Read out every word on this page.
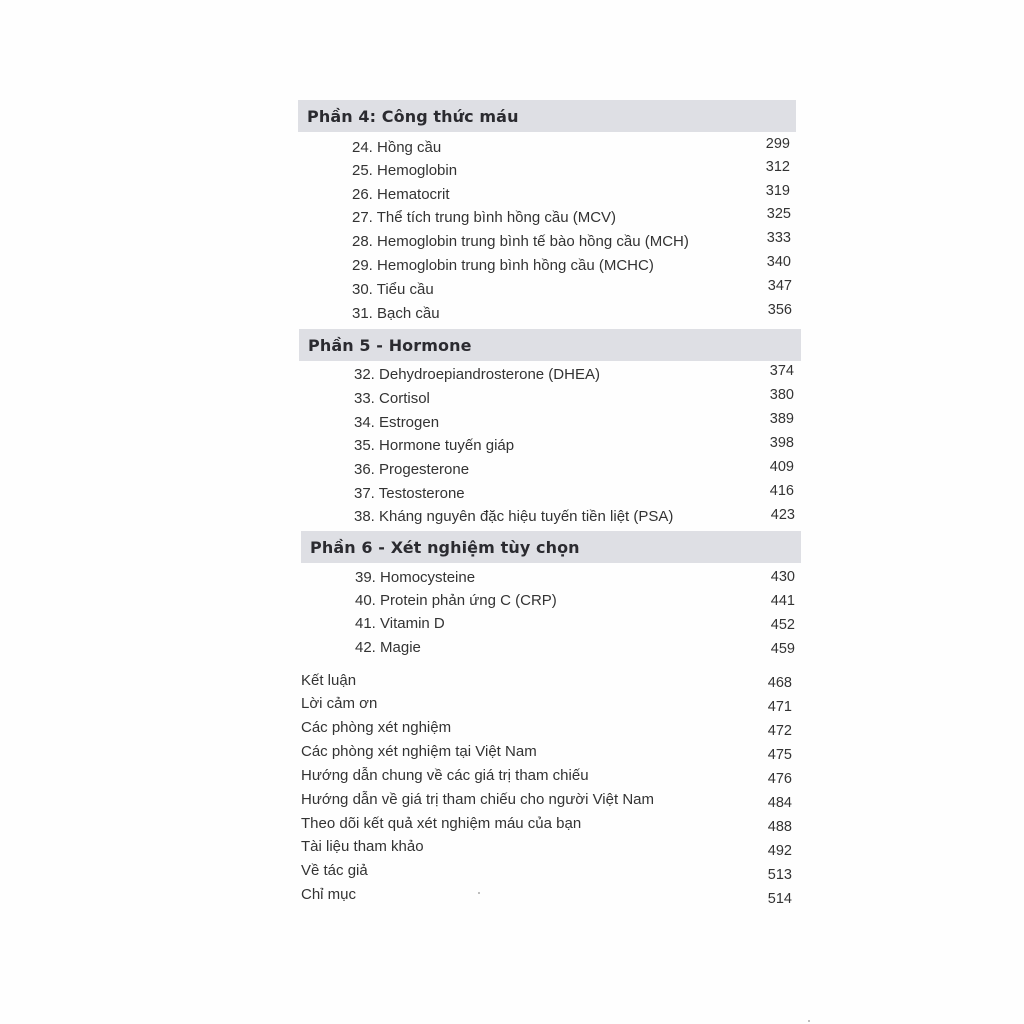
Phần 4: Công thức máu
24. Hồng cầu	299
25. Hemoglobin	312
26. Hematocrit	319
27. Thể tích trung bình hồng cầu (MCV)	325
28. Hemoglobin trung bình tế bào hồng cầu (MCH)	333
29. Hemoglobin trung bình hồng cầu (MCHC)	340
30. Tiểu cầu	347
31. Bạch cầu	356
Phần 5 - Hormone
32. Dehydroepiandrosterone (DHEA)	374
33. Cortisol	380
34. Estrogen	389
35. Hormone tuyến giáp	398
36. Progesterone	409
37. Testosterone	416
38. Kháng nguyên đặc hiệu tuyến tiền liệt (PSA)	423
Phần 6 - Xét nghiệm tùy chọn
39. Homocysteine	430
40. Protein phản ứng C (CRP)	441
41. Vitamin D	452
42. Magie	459
Kết luận	468
Lời cảm ơn	471
Các phòng xét nghiệm	472
Các phòng xét nghiệm tại Việt Nam	475
Hướng dẫn chung về các giá trị tham chiếu	476
Hướng dẫn về giá trị tham chiếu cho người Việt Nam	484
Theo dõi kết quả xét nghiệm máu của bạn	488
Tài liệu tham khảo	492
Về tác giả	513
Chỉ mục	514
